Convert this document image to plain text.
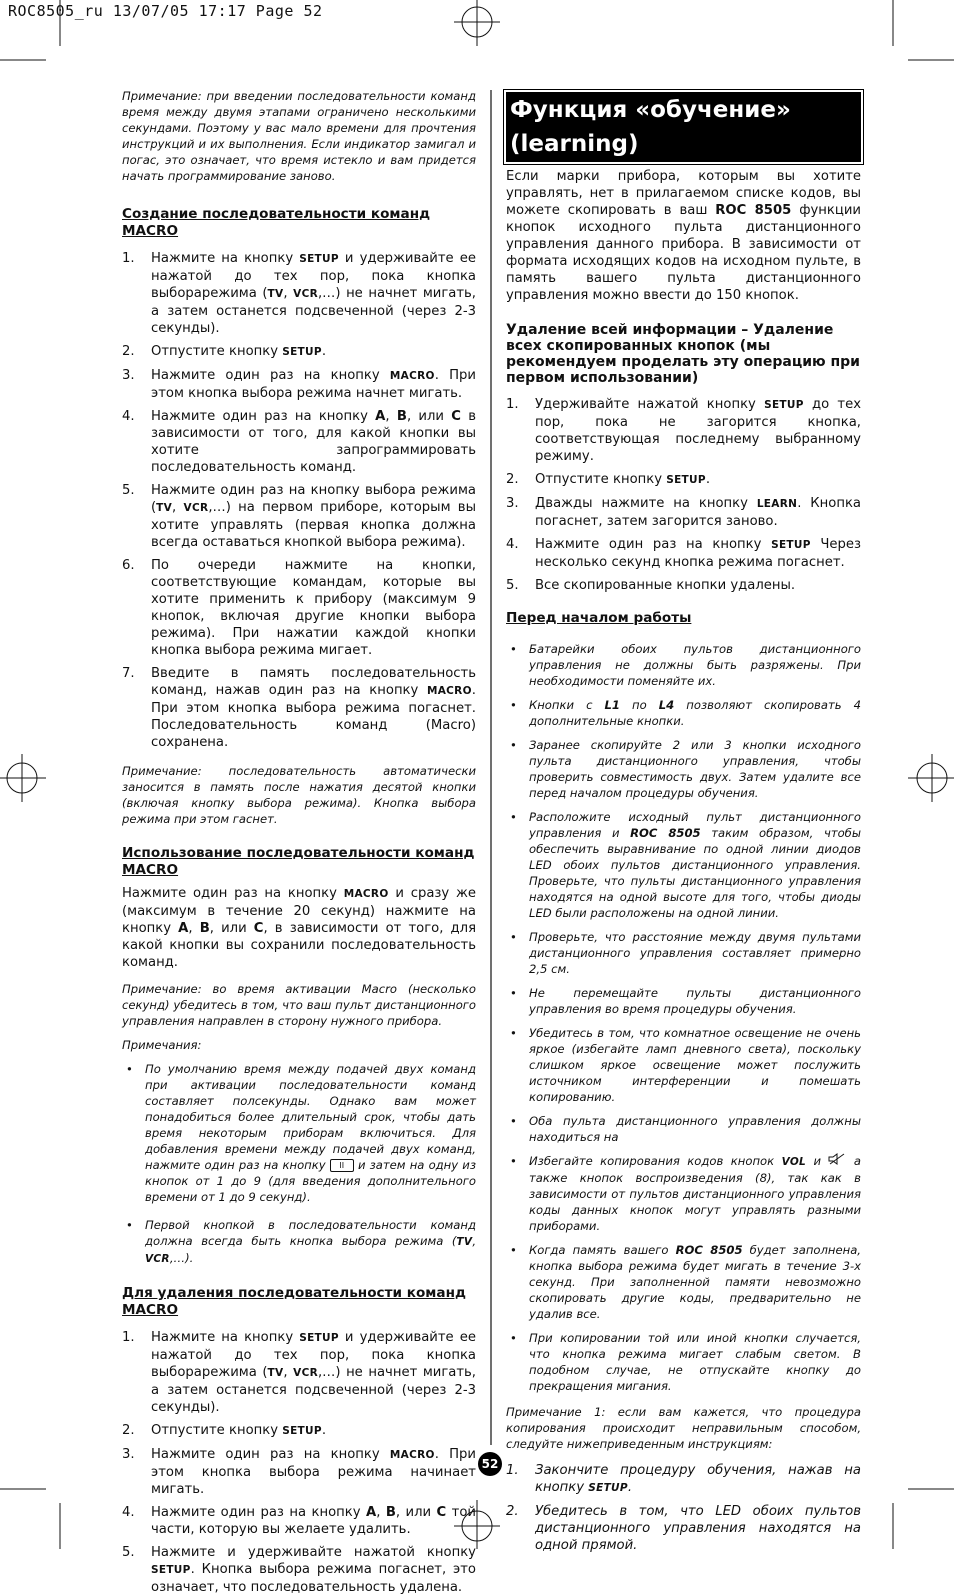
ROC8505_ru 13/07/05 17:17 Page 52

Примечание: при введении последовательности команд время между двумя этапами ограничено несколькими секундами. Поэтому у вас мало времени для прочтения инструкций и их выполнения. Если индикатор замигал и погас, это означает, что время истекло и вам придется начать программирование заново.

Создание последовательности команд MACRO

1. Нажмите на кнопку SETUP и удерживайте ее нажатой до тех пор, пока кнопка выборарежима (TV, VCR,…) не начнет мигать, а затем останется подсвеченной (через 2-3 секунды).
2. Отпустите кнопку SETUP.
3. Нажмите один раз на кнопку MACRO. При этом кнопка выбора режима начнет мигать.
4. Нажмите один раз на кнопку A, B, или C в зависимости от того, для какой кнопки вы хотите запрограммировать последовательность команд.
5. Нажмите один раз на кнопку выбора режима (TV, VCR,…) на первом приборе, которым вы хотите управлять (первая кнопка должна всегда оставаться кнопкой выбора режима).
6. По очереди нажмите на кнопки, соответствующие командам, которые вы хотите применить к прибору (максимум 9 кнопок, включая другие кнопки выбора режима). При нажатии каждой кнопки кнопка выбора режима мигает.
7. Введите в память последовательность команд, нажав один раз на кнопку MACRO. При этом кнопка выбора режима погаснет. Последовательность команд (Macro) сохранена.

Примечание: последовательность автоматически заносится в память после нажатия десятой кнопки (включая кнопку выбора режима). Кнопка выбора режима при этом гаснет.

Использование последовательности команд MACRO

Нажмите один раз на кнопку MACRO и сразу же (максимум в течение 20 секунд) нажмите на кнопку A, B, или C, в зависимости от того, для какой кнопки вы сохранили последовательность команд.

Примечание: во время активации Macro (несколько секунд) убедитесь в том, что ваш пульт дистанционного управления направлен в сторону нужного прибора.

Примечания:

• По умолчанию время между подачей двух команд при активации последовательности команд составляет полсекунды. Однако вам может понадобиться более длительный срок, чтобы дать время некоторым приборам включиться. Для добавления времени между подачей двух команд, нажмите один раз на кнопку II и затем на одну из кнопок от 1 до 9 (для введения дополнительного времени от 1 до 9 секунд).
• Первой кнопкой в последовательности команд должна всегда быть кнопка выбора режима (TV, VCR,…).

Для удаления последовательности команд MACRO

1. Нажмите на кнопку SETUP и удерживайте ее нажатой до тех пор, пока кнопка выборарежима (TV, VCR,…) не начнет мигать, а затем останется подсвеченной (через 2-3 секунды).
2. Отпустите кнопку SETUP.
3. Нажмите один раз на кнопку MACRO. При этом кнопка выбора режима начинает мигать.
4. Нажмите один раз на кнопку A, B, или C той части, которую вы желаете удалить.
5. Нажмите и удерживайте нажатой кнопку SETUP. Кнопка выбора режима погаснет, это означает, что последовательность удалена.
Функция «обучение» (learning)

Если марки прибора, которым вы хотите управлять, нет в прилагаемом списке кодов, вы можете скопировать в ваш ROC 8505 функции кнопок исходного пульта дистанционного управления данного прибора. В зависимости от формата исходящих кодов на исходном пульте, в память вашего пульта дистанционного управления можно ввести до 150 кнопок.

Удаление всей информации – Удаление всех скопированных кнопок (мы рекомендуем проделать эту операцию при первом использовании)

1. Удерживайте нажатой кнопку SETUP до тех пор, пока не загорится кнопка, соответствующая последнему выбранному режиму.
2. Отпустите кнопку SETUP.
3. Дважды нажмите на кнопку LEARN. Кнопка погаснет, затем загорится заново.
4. Нажмите один раз на кнопку SETUP Через несколько секунд кнопка режима погаснет.
5. Все скопированные кнопки удалены.

Перед началом работы

• Батарейки обоих пультов дистанционного управления не должны быть разряжены. При необходимости поменяйте их.
• Кнопки с L1 по L4 позволяют скопировать 4 дополнительные кнопки.
• Заранее скопируйте 2 или 3 кнопки исходного пульта дистанционного управления, чтобы проверить совместимость двух. Затем удалите все перед началом процедуры обучения.
• Расположите исходный пульт дистанционного управления и ROC 8505 таким образом, чтобы обеспечить выравнивание по одной линии диодов LED обоих пультов дистанционного управления. Проверьте, что пульты дистанционного управления находятся на одной высоте для того, чтобы диоды LED были расположены на одной линии.
• Проверьте, что расстояние между двумя пультами дистанционного управления составляет примерно 2,5 см.
• Не перемещайте пульты дистанционного управления во время процедуры обучения.
• Убедитесь в том, что комнатное освещение не очень яркое (избегайте ламп дневного света), поскольку слишком яркое освещение может послужить источником интерференции и помешать копированию.
• Оба пульта дистанционного управления должны находиться на
• Избегайте копирования кодов кнопок VOL и  а также кнопок воспроизведения (8), так как в зависимости от пультов дистанционного управления коды данных кнопок могут управлять разными приборами.
• Когда память вашего ROC 8505 будет заполнена, кнопка выбора режима будет мигать в течение 3-х секунд. При заполненной памяти невозможно скопировать другие коды, предварительно не удалив все.
• При копировании той или иной кнопки случается, что кнопка режима мигает слабым светом. В подобном случае, не отпускайте кнопку до прекращения мигания.

Примечание 1: если вам кажется, что процедура копирования происходит неправильным способом, следуйте нижеприведенным инструкциям:

1. Закончите процедуру обучения, нажав на кнопку SETUP.
2. Убедитесь в том, что LED обоих пультов дистанционного управления находятся на одной прямой.
52
